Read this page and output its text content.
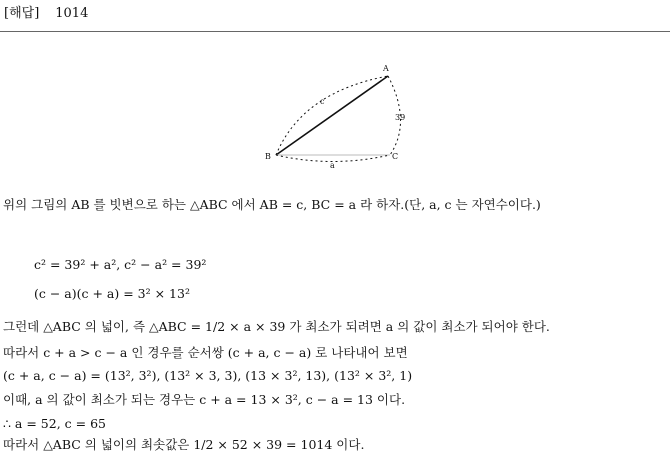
[해답] 1014
A
B	C
c
39
a
위의 그림의 AB 를 빗변으로 하는 △ABC 에서 AB = c, BC = a 라 하자.(단, a, c 는 자연수이다.)
c² = 39² + a², c² − a² = 39²
(c − a)(c + a) = 3² × 13²
그런데 △ABC 의 넓이, 즉 △ABC = 1/2 × a × 39 가 최소가 되려면 a 의 값이 최소가 되어야 한다.
따라서 c + a > c − a 인 경우를 순서쌍 (c + a, c − a) 로 나타내어 보면
(c + a, c − a) = (13², 3²), (13² × 3, 3), (13 × 3², 13), (13² × 3², 1)
이때, a 의 값이 최소가 되는 경우는 c + a = 13 × 3², c − a = 13 이다.
∴ a = 52, c = 65
따라서 △ABC 의 넓이의 최솟값은 1/2 × 52 × 39 = 1014 이다.
